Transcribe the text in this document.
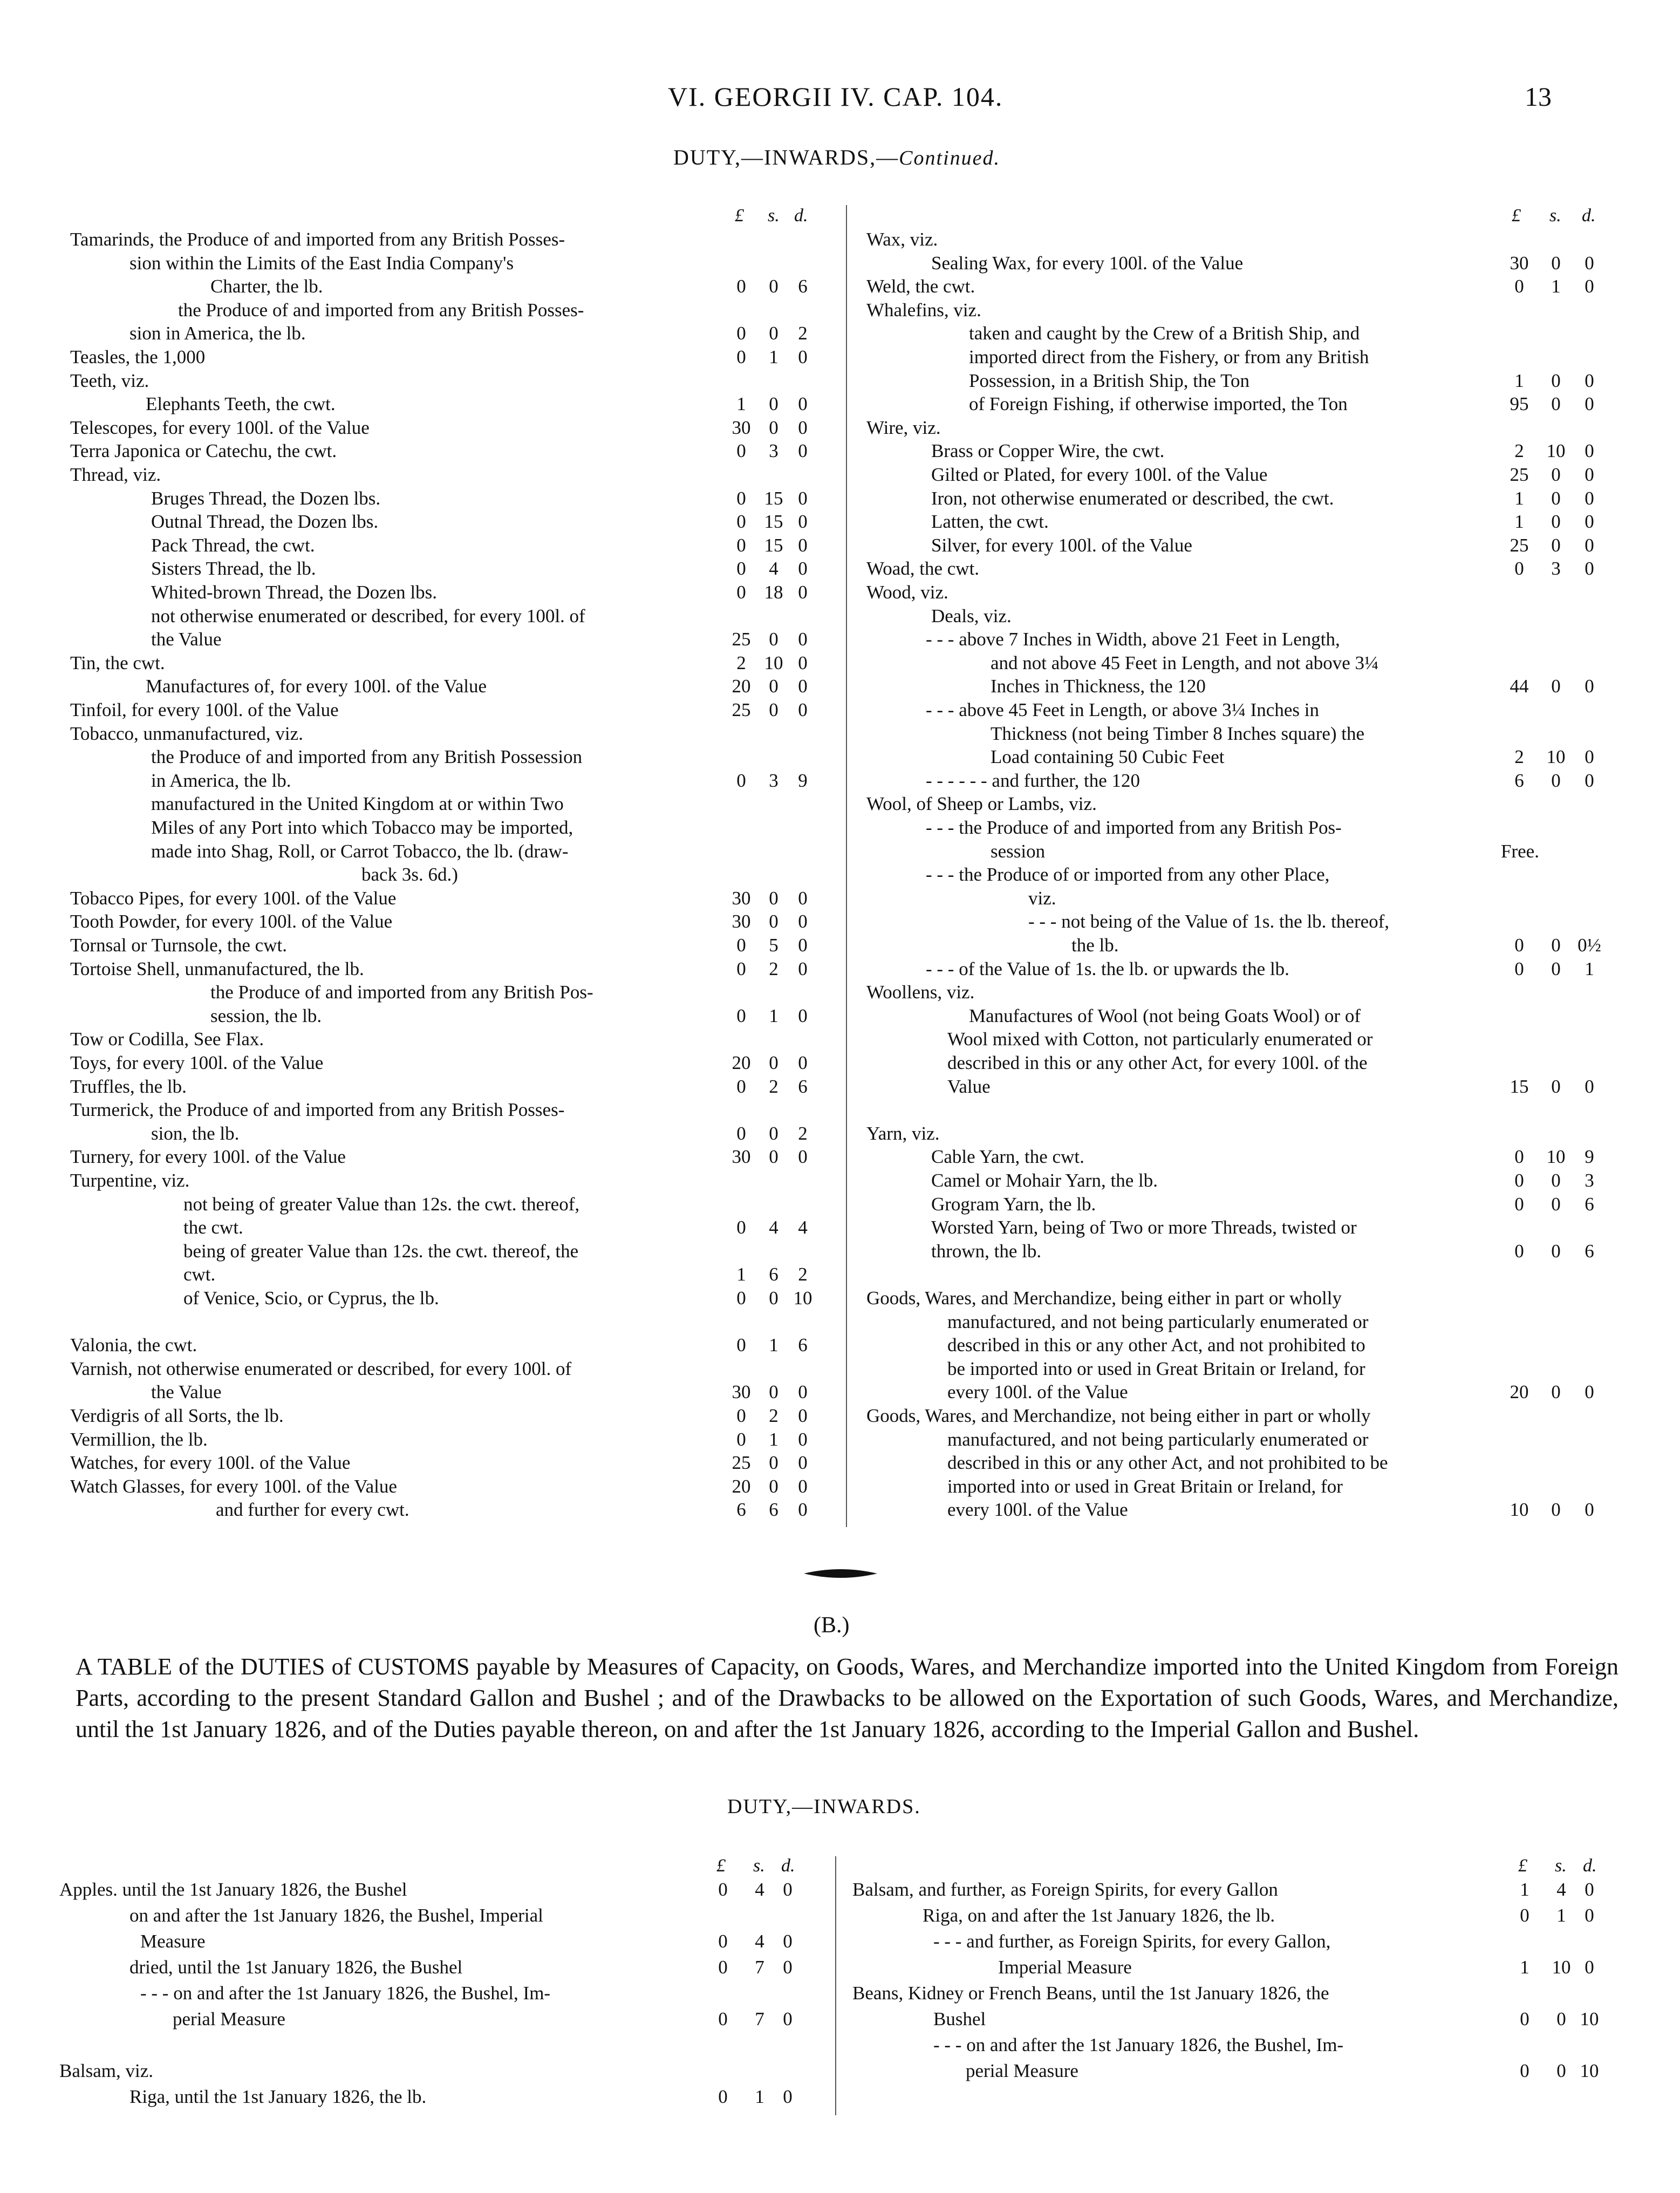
VI. GEORGII IV. CAP. 104.	13
DUTY,—INWARDS,—Continued.
£ s. d.
Tamarinds, the Produce of and imported from any British Posses-
sion within the Limits of the East India Company's
Charter, the lb.	0	0	6
the Produce of and imported from any British Posses-
sion in America, the lb.	0	0	2
Teasles, the 1,000	0	1	0
Teeth, viz.
Elephants Teeth, the cwt.	1	0	0
Telescopes, for every 100l. of the Value	30 0	0
Terra Japonica or Catechu, the cwt.	0	3	0
Thread, viz.
Bruges Thread, the Dozen lbs.	0 15 0
Outnal Thread, the Dozen lbs.	0 15 0
Pack Thread, the cwt.	0 15 0
Sisters Thread, the lb.	0	4	0
Whited-brown Thread, the Dozen lbs.	0 18 0
not otherwise enumerated or described, for every 100l. of
the Value	25 0	0
Tin, the cwt.	2 10 0
Manufactures of, for every 100l. of the Value	20 0	0
Tinfoil, for every 100l. of the Value	25 0	0
Tobacco, unmanufactured, viz.
the Produce of and imported from any British Possession
in America, the lb.	0	3	9
manufactured in the United Kingdom at or within Two
Miles of any Port into which Tobacco may be imported,
made into Shag, Roll, or Carrot Tobacco, the lb. (draw-
back 3s. 6d.)
Tobacco Pipes, for every 100l. of the Value	30 0	0
Tooth Powder, for every 100l. of the Value	30 0	0
Tornsal or Turnsole, the cwt.	0	5	0
Tortoise Shell, unmanufactured, the lb.	0	2	0
the Produce of and imported from any British Pos-
session, the lb.	0	1	0
Tow or Codilla, See Flax.
Toys, for every 100l. of the Value	20 0	0
Truffles, the lb.	0	2	6
Turmerick, the Produce of and imported from any British Posses-
sion, the lb.	0	0	2
Turnery, for every 100l. of the Value	30 0	0
Turpentine, viz.
not being of greater Value than 12s. the cwt. thereof,
the cwt.	0	4	4
being of greater Value than 12s. the cwt. thereof, the
cwt.	1	6	2
of Venice, Scio, or Cyprus, the lb.	0	0 10
Valonia, the cwt.	0	1	6
Varnish, not otherwise enumerated or described, for every 100l. of
the Value	30 0	0
Verdigris of all Sorts, the lb.	0	2	0
Vermillion, the lb.	0	1	0
Watches, for every 100l. of the Value	25 0	0
Watch Glasses, for every 100l. of the Value	20 0	0
and further for every cwt.	6	6	0
£ s. d.
Wax, viz.
Sealing Wax, for every 100l. of the Value	30	0	0
Weld, the cwt.	0	1	0
Whalefins, viz.
taken and caught by the Crew of a British Ship, and
imported direct from the Fishery, or from any British
Possession, in a British Ship, the Ton	1	0	0
of Foreign Fishing, if otherwise imported, the Ton	95	0	0
Wire, viz.
Brass or Copper Wire, the cwt.	2	10	0
Gilted or Plated, for every 100l. of the Value	25	0	0
Iron, not otherwise enumerated or described, the cwt.	1	0	0
Latten, the cwt.	1	0	0
Silver, for every 100l. of the Value	25	0	0
Woad, the cwt.	0	3	0
Wood, viz.
Deals, viz.
- - - above 7 Inches in Width, above 21 Feet in Length,
and not above 45 Feet in Length, and not above 3¼
Inches in Thickness, the 120	44	0	0
- - - above 45 Feet in Length, or above 3¼ Inches in
Thickness (not being Timber 8 Inches square) the
Load containing 50 Cubic Feet	2	10	0
- - - - - - and further, the 120	6	0	0
Wool, of Sheep or Lambs, viz.
- - - the Produce of and imported from any British Pos-
session	Free.
- - - the Produce of or imported from any other Place,
viz.
- - - not being of the Value of 1s. the lb. thereof,
the lb.	0	0 0½
- - - of the Value of 1s. the lb. or upwards the lb.	0	0	1
Woollens, viz.
Manufactures of Wool (not being Goats Wool) or of
Wool mixed with Cotton, not particularly enumerated or
described in this or any other Act, for every 100l. of the
Value	15	0	0
Yarn, viz.
Cable Yarn, the cwt.	0	10	9
Camel or Mohair Yarn, the lb.	0	0	3
Grogram Yarn, the lb.	0	0	6
Worsted Yarn, being of Two or more Threads, twisted or
thrown, the lb.	0	0	6
Goods, Wares, and Merchandize, being either in part or wholly
manufactured, and not being particularly enumerated or
described in this or any other Act, and not prohibited to
be imported into or used in Great Britain or Ireland, for
every 100l. of the Value	20	0	0
Goods, Wares, and Merchandize, not being either in part or wholly
manufactured, and not being particularly enumerated or
described in this or any other Act, and not prohibited to be
imported into or used in Great Britain or Ireland, for
every 100l. of the Value	10	0	0
(B.)
A TABLE of the DUTIES of CUSTOMS payable by Measures of Capacity, on Goods, Wares, and Merchandize imported into the United Kingdom from Foreign Parts, according to the present Standard Gallon and Bushel ; and of the Drawbacks to be allowed on the Exportation of such Goods, Wares, and Merchandize, until the 1st January 1826, and of the Duties payable thereon, on and after the 1st January 1826, according to the Imperial Gallon and Bushel.
DUTY,—INWARDS.
£ s. d.
Apples. until the 1st January 1826, the Bushel	0	4 0
on and after the 1st January 1826, the Bushel, Imperial
Measure	0	4 0
dried, until the 1st January 1826, the Bushel	0	7 0
- - - on and after the 1st January 1826, the Bushel, Im-
perial Measure	0	7 0
Balsam, viz.
Riga, until the 1st January 1826, the lb.	0	1 0
£ s. d.
Balsam, and further, as Foreign Spirits, for every Gallon	1	4 0
Riga, on and after the 1st January 1826, the lb.	0	1 0
- - - and further, as Foreign Spirits, for every Gallon,
Imperial Measure	1	10 0
Beans, Kidney or French Beans, until the 1st January 1826, the
Bushel	0	0 10
- - - on and after the 1st January 1826, the Bushel, Im-
perial Measure	0	0 10
